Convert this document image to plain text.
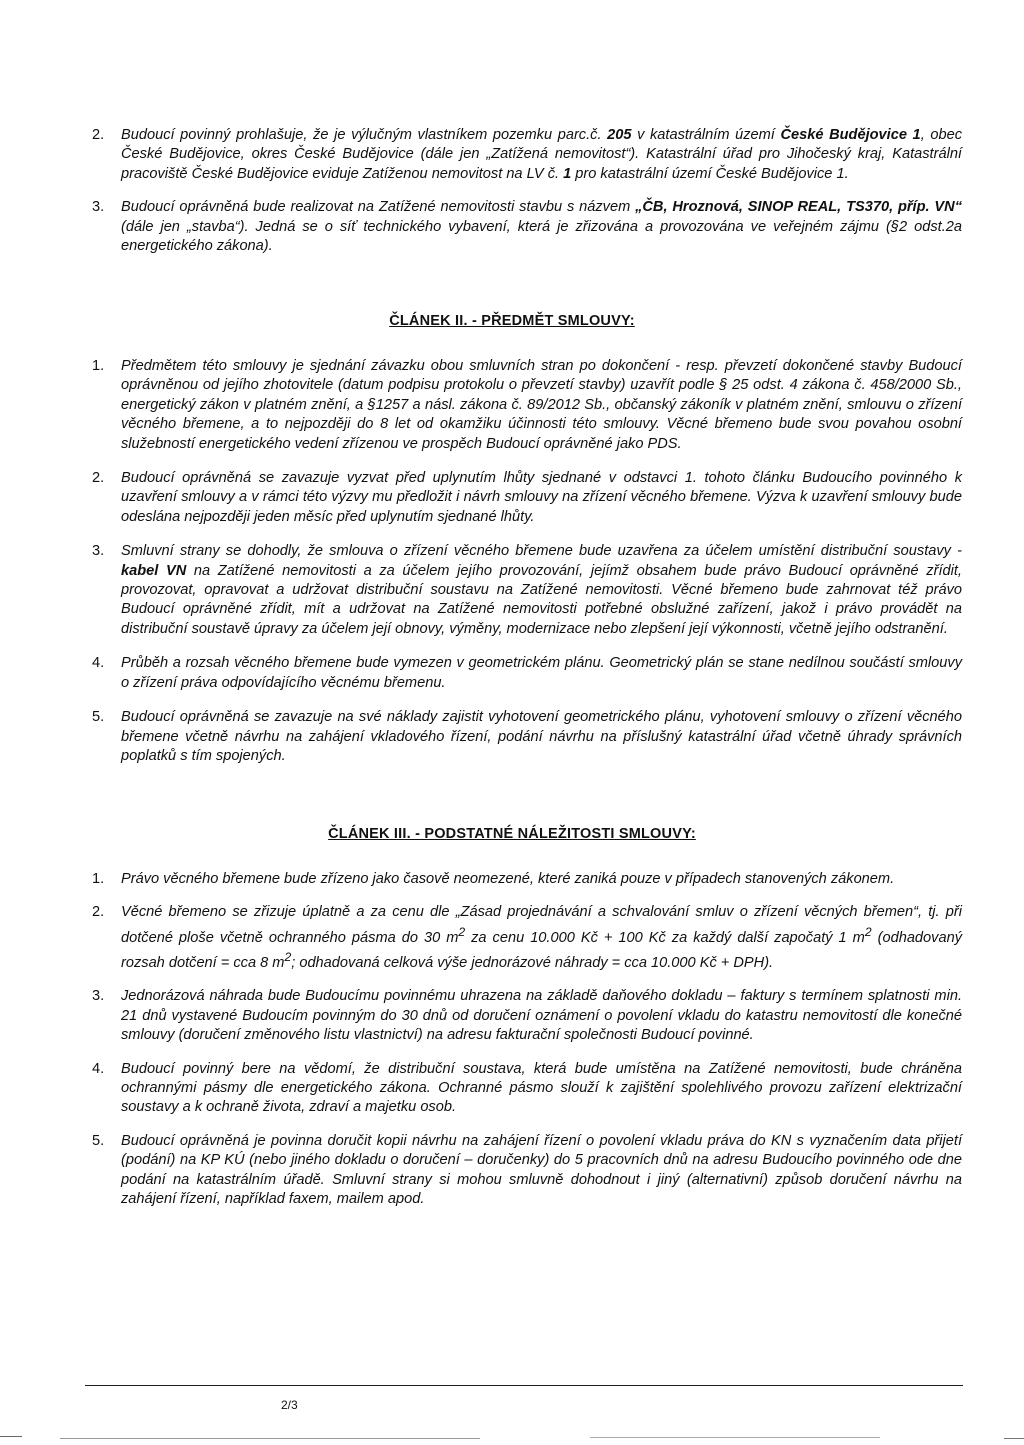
2.	Budoucí povinný prohlašuje, že je výlučným vlastníkem pozemku parc.č. 205 v katastrálním území České Budějovice 1, obec České Budějovice, okres České Budějovice (dále jen „Zatížená nemovitost“). Katastrální úřad pro Jihočeský kraj, Katastrální pracoviště České Budějovice eviduje Zatíženou nemovitost na LV č. 1 pro katastrální území České Budějovice 1.
3.	Budoucí oprávněná bude realizovat na Zatížené nemovitosti stavbu s názvem „ČB, Hroznová, SINOP REAL, TS370, příp. VN“ (dále jen „stavba“). Jedná se o síť technického vybavení, která je zřizována a provozována ve veřejném zájmu (§2 odst.2a energetického zákona).
ČLÁNEK II. - PŘEDMĚT SMLOUVY:
1.	Předmětem této smlouvy je sjednání závazku obou smluvních stran po dokončení - resp. převzetí dokončené stavby Budoucí oprávněnou od jejího zhotovitele (datum podpisu protokolu o převzetí stavby) uzavřít podle § 25 odst. 4 zákona č. 458/2000 Sb., energetický zákon v platném znění, a §1257 a násl. zákona č. 89/2012 Sb., občanský zákoník v platném znění, smlouvu o zřízení věcného břemene, a to nejpozději do 8 let od okamžiku účinnosti této smlouvy. Věcné břemeno bude svou povahou osobní služebností energetického vedení zřízenou ve prospěch Budoucí oprávněné jako PDS.
2.	Budoucí oprávněná se zavazuje vyzvat před uplynutím lhůty sjednané v odstavci 1. tohoto článku Budoucího povinného k uzavření smlouvy a v rámci této výzvy mu předložit i návrh smlouvy na zřízení věcného břemene. Výzva k uzavření smlouvy bude odeslána nejpozději jeden měsíc před uplynutím sjednané lhůty.
3.	Smluvní strany se dohodly, že smlouva o zřízení věcného břemene bude uzavřena za účelem umístění distribuční soustavy - kabel VN na Zatížené nemovitosti a za účelem jejího provozování, jejímž obsahem bude právo Budoucí oprávněné zřídit, provozovat, opravovat a udržovat distribuční soustavu na Zatížené nemovitosti. Věcné břemeno bude zahrnovat též právo Budoucí oprávněné zřídit, mít a udržovat na Zatížené nemovitosti potřebné obslužné zařízení, jakož i právo provádět na distribuční soustavě úpravy za účelem její obnovy, výměny, modernizace nebo zlepšení její výkonnosti, včetně jejího odstranění.
4.	Průběh a rozsah věcného břemene bude vymezen v geometrickém plánu. Geometrický plán se stane nedílnou součástí smlouvy o zřízení práva odpovídajícího věcnému břemenu.
5.	Budoucí oprávněná se zavazuje na své náklady zajistit vyhotovení geometrického plánu, vyhotovení smlouvy o zřízení věcného břemene včetně návrhu na zahájení vkladového řízení, podání návrhu na příslušný katastrální úřad včetně úhrady správních poplatků s tím spojených.
ČLÁNEK III. - PODSTATNÉ NÁLEŽITOSTI SMLOUVY:
1.	Právo věcného břemene bude zřízeno jako časově neomezené, které zaniká pouze v případech stanovených zákonem.
2.	Věcné břemeno se zřizuje úplatně a za cenu dle „Zásad projednávání a schvalování smluv o zřízení věcných břemen“, tj. při dotčené ploše včetně ochranného pásma do 30 $m^2$ za cenu 10.000 Kč + 100 Kč za každý další započatý 1 $m^2$ (odhadovaný rozsah dotčení = cca 8 $m^2$; odhadovaná celková výše jednorázové náhrady = cca 10.000 Kč + DPH).
3.	Jednorázová náhrada bude Budoucímu povinnému uhrazena na základě daňového dokladu – faktury s termínem splatnosti min. 21 dnů vystavené Budoucím povinným do 30 dnů od doručení oznámení o povolení vkladu do katastru nemovitostí dle konečné smlouvy (doručení změnového listu vlastnictví) na adresu fakturační společnosti Budoucí povinné.
4.	Budoucí povinný bere na vědomí, že distribuční soustava, která bude umístěna na Zatížené nemovitosti, bude chráněna ochrannými pásmy dle energetického zákona. Ochranné pásmo slouží k zajištění spolehlivého provozu zařízení elektrizační soustavy a k ochraně života, zdraví a majetku osob.
5.	Budoucí oprávněná je povinna doručit kopii návrhu na zahájení řízení o povolení vkladu práva do KN s vyznačením data přijetí (podání) na KP KÚ (nebo jiného dokladu o doručení – doručenky) do 5 pracovních dnů na adresu Budoucího povinného ode dne podání na katastrálním úřadě. Smluvní strany si mohou smluvně dohodnout i jiný (alternativní) způsob doručení návrhu na zahájení řízení, například faxem, mailem apod.
2/3
